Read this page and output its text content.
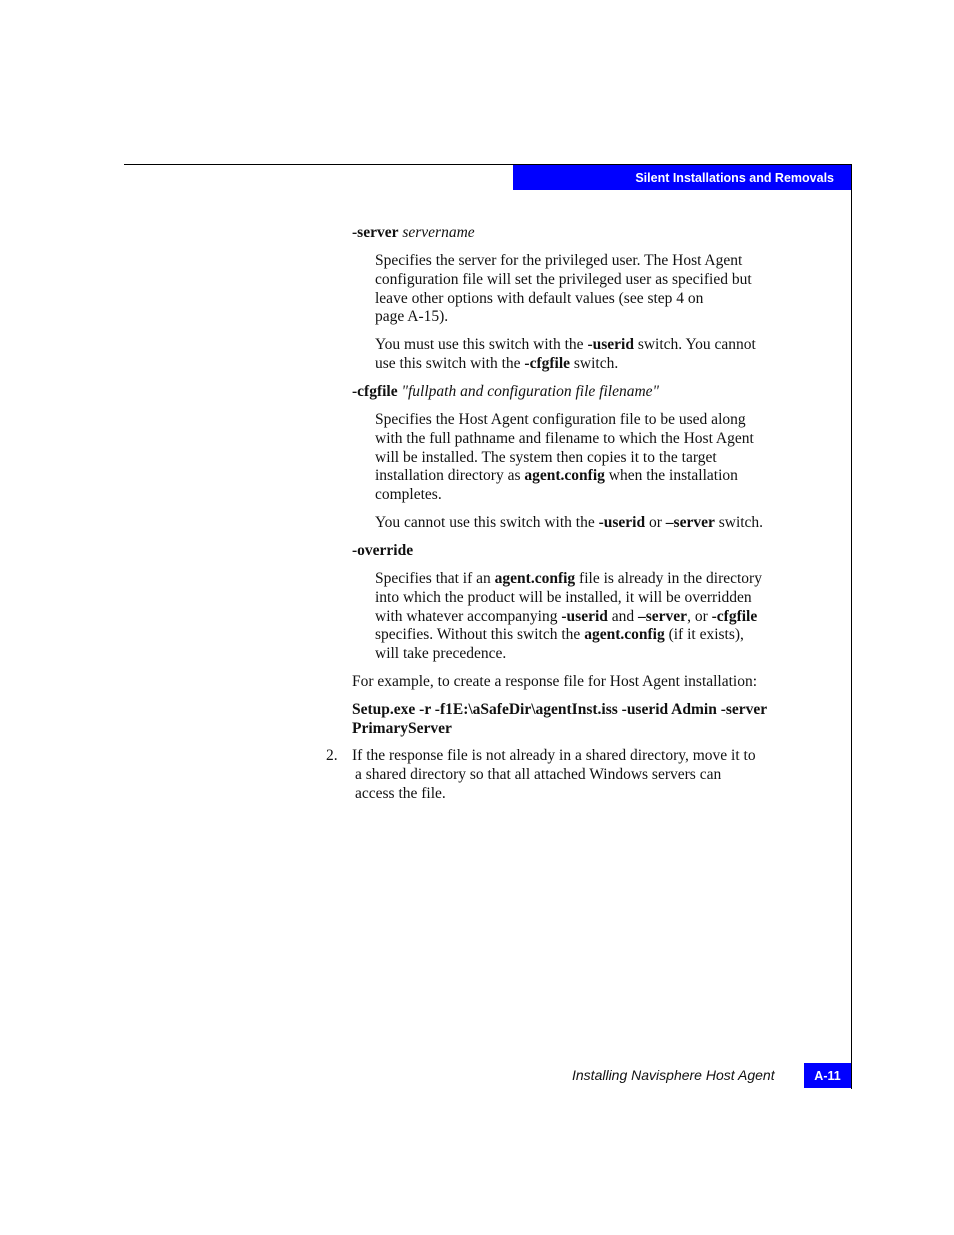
Silent Installations and Removals

-server servername

Specifies the server for the privileged user. The Host Agent
configuration file will set the privileged user as specified but
leave other options with default values (see step 4 on
page A-15).
You must use this switch with the -userid switch. You cannot
use this switch with the -cfgfile switch.

-cfgfile "fullpath and configuration file filename"

Specifies the Host Agent configuration file to be used along
with the full pathname and filename to which the Host Agent
will be installed. The system then copies it to the target
installation directory as agent.config when the installation
completes.
You cannot use this switch with the -userid or –server switch.

-override

Specifies that if an agent.config file is already in the directory
into which the product will be installed, it will be overridden
with whatever accompanying -userid and –server, or -cfgfile
specifies. Without this switch the agent.config (if it exists),
will take precedence.

For example, to create a response file for Host Agent installation:

Setup.exe -r -f1E:\aSafeDir\agentInst.iss -userid Admin -server
PrimaryServer
2. If the response file is not already in a shared directory, move it to
a shared directory so that all attached Windows servers can
access the file.
Installing Navisphere Host Agent	A-11
